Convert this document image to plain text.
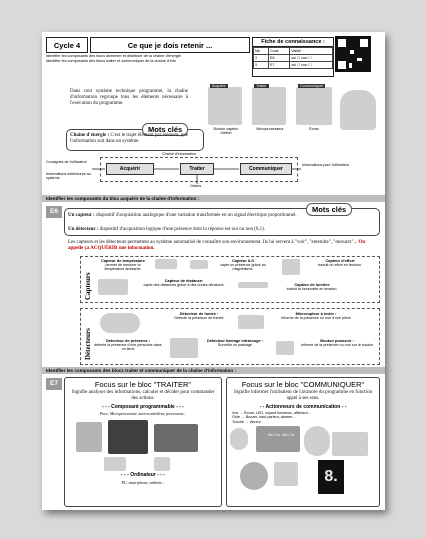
Cycle 4	Ce que je dois retenir ...
Identifier les composants des blocs alimenter et distribuer de la chaîne d'énergie
Identifier les composants des blocs traiter et communiquer de la chaîne d'info
Fiche de connaissance :
Niv	Code	Validé :
3	E6	oui ☐ non ☐
3	E7	oui ☐ non ☐
Dans tout système technique programmé, la chaîne d'information regroupe tous les éléments nécessaire à l'exécution du programme.
Acquérir	Traiter	Communiquer
Bouton capteur d'effort
Microprocesseur	Écran
Mots clés
Chaîne d'énergie : C'est le trajet élément par élément, que l'information suit dans un système.
Chaîne d'information
Consignes de l'utilisateur
Informations extérieures au système
Acquérir	Traiter	Communiquer
Informations pour l'utilisateur
Ordres
Identifier les composants du bloc acquérir de la chaîne d'information :
E6	Mots clés
Un capteur : dispositif d'acquisition analogique d'une variation transformée en un signal électrique proportionnel.
Un détecteur : dispositif d'acquisition logique d'une présence dont la réponse est oui ou non (0,1).
Les capteurs et les détecteurs permettent au système automatisé de connaître son environnement. Ils lui servent à "voir", "entendre", "mesurer"... On appelle ça ACQUÉRIR une information.
Capteurs
Capteur de température
permet de mesurer la température ambiante.
Capteur ILS
capte un présence grâce au magnétisme.
Capteur d'effort
traduit un effort en tension.
Capteur de distance:
capte des distances grâce à des ondes ultrasons.	Capteur de lumière
traduit la luminosité en tension.
Détecteurs
Détecteur de fumée :
Détecte la présence de fumée
Microrupteur à levier :
Informe de la présence ou non d'une pièce
Détecteur de présence :
détecte la présence d'une personne dans un lieux
Détecteur barrage infrarouge :
Surveille un passage
Bouton poussoir :
Informe de la présence ou non sur le bouton
Identifier les composants des blocs traiter et communiquer de la chaîne d'information :
E7	Focus sur le bloc "TRAITER"
Signifie analyser des informations, calculer et décider pour commander des actions.
- - - Composant programmable - - -
Puce, Microprocesseur, microcontrôleur, processeur...
- - - Ordinateur - - -
PC, smartphone, tablette...
Focus sur le bloc "COMMUNIQUER"
Signifie informer l'utilisateur de l'avancée du programme en fonction appel à ses sens.
- - Actionneurs de communication - -
Vue → Écran, LED, voyant lumineux, afficheur...
Ouïe → Buzzer, haut-parleur, alarme...
Touché → vibreur
Hello World
8.
